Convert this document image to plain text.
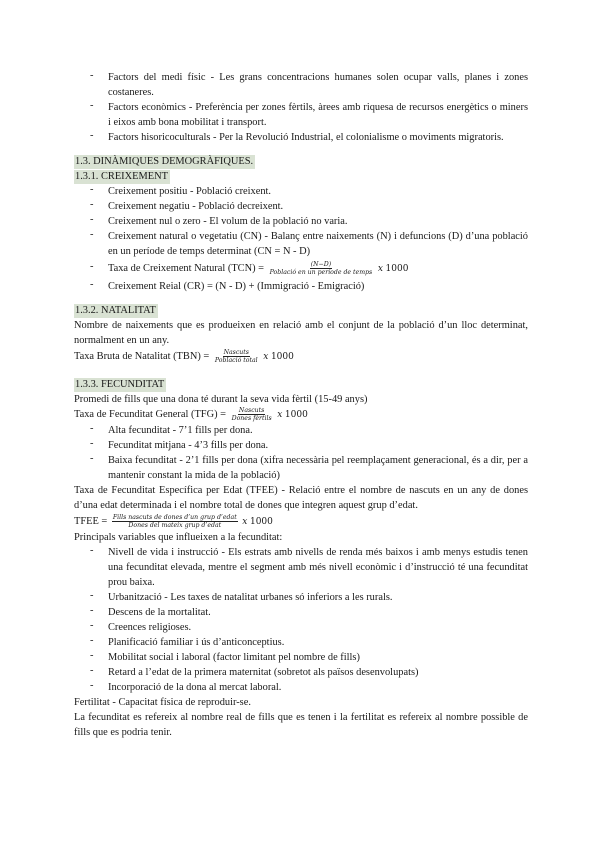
- Factors del medi físic - Les grans concentracions humanes solen ocupar valls, planes i zones costaneres.
- Factors econòmics - Preferència per zones fèrtils, àrees amb riquesa de recursos energètics o miners i eixos amb bona mobilitat i transport.
- Factors hisoricoculturals - Per la Revolució Industrial, el colonialisme o moviments migratoris.
1.3. DINÀMIQUES DEMOGRÀFIQUES.
1.3.1. CREIXEMENT
- Creixement positiu - Població creixent.
- Creixement negatiu - Població decreixent.
- Creixement nul o zero - El volum de la població no varia.
- Creixement natural o vegetatiu (CN) - Balanç entre naixements (N) i defuncions (D) d’una població en un període de temps determinat (CN = N - D)
- Taxa de Creixement Natural $(TCN) = \frac{(N-D)}{\text{Població en un període de temps}}$ x 1000
- Creixement Reial (CR) = (N - D) + (Immigració - Emigració)
1.3.2. NATALITAT
Nombre de naixements que es produeixen en relació amb el conjunt de la població d’un lloc determinat, normalment en un any.
Taxa Bruta de Natalitat $(TBN) = \frac{\text{Nascuts}}{\text{Població total}}$ x 1000
1.3.3. FECUNDITAT
Promedi de fills que una dona té durant la seva vida fèrtil (15-49 anys)
Taxa de Fecunditat General $(TFG) = \frac{\text{Nascuts}}{\text{Dones fèrtils}}$ x 1000
- Alta fecunditat - 7’1 fills per dona.
- Fecunditat mitjana - 4’3 fills per dona.
- Baixa fecunditat - 2’1 fills per dona (xifra necessària pel reemplaçament generacional, és a dir, per a mantenir constant la mida de la població)
Taxa de Fecunditat Específica per Edat (TFEE) - Relació entre el nombre de nascuts en un any de dones d’una edat determinada i el nombre total de dones que integren aquest grup d’edat.
TFEE = $\frac{\text{Fills nascuts de dones d’un grup d’edat}}{\text{Dones del mateix grup d’edat}}$ x 1000
Principals variables que influeixen a la fecunditat:
- Nivell de vida i instrucció - Els estrats amb nivells de renda més baixos i amb menys estudis tenen una fecunditat elevada, mentre el segment amb més nivell econòmic i d’instrucció té una fecunditat prou baixa.
- Urbanització - Les taxes de natalitat urbanes só inferiors a les rurals.
- Descens de la mortalitat.
- Creences religioses.
- Planificació familiar i ús d’anticonceptius.
- Mobilitat social i laboral (factor limitant pel nombre de fills)
- Retard a l’edat de la primera maternitat (sobretot als països desenvolupats)
- Incorporació de la dona al mercat laboral.
Fertilitat - Capacitat física de reproduir-se.
La fecunditat es refereix al nombre real de fills que es tenen i la fertilitat es refereix al nombre possible de fills que es podria tenir.
